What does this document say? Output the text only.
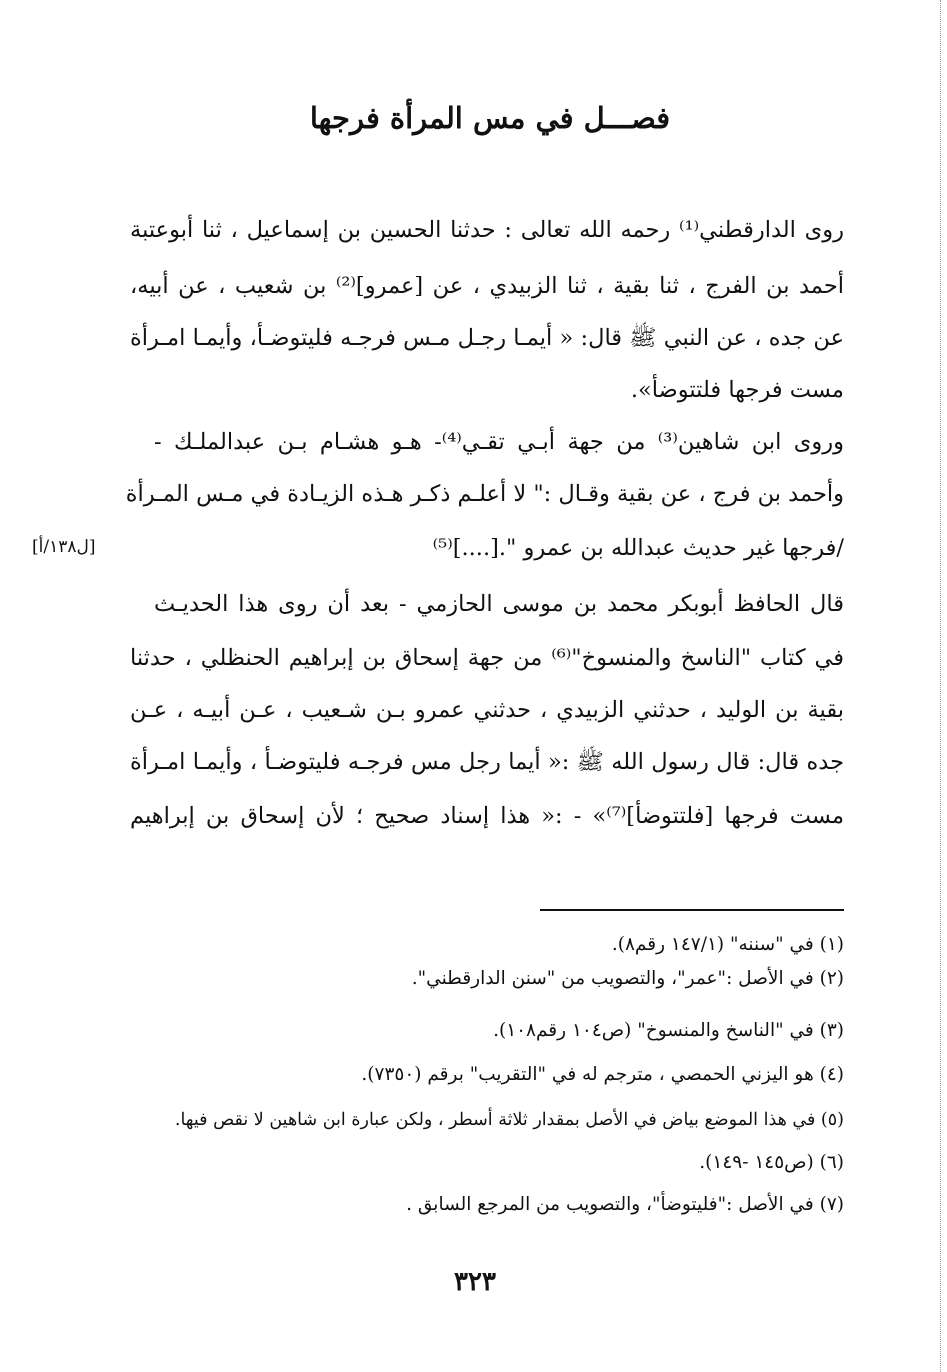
فصـــل في مس المرأة فرجها
روى الدارقطني⁽¹⁾ رحمه الله تعالى : حدثنا الحسين بن إسماعيل ، ثنا أبوعتبة
أحمد بن الفرج ، ثنا بقية ، ثنا الزبيدي ، عن [عمرو]⁽²⁾ بن شعيب ، عن أبيه،
عن جده ، عن النبي ﷺ قال: « أيمـا رجـل مـس فرجـه فليتوضـأ، وأيمـا امـرأة
مست فرجها فلتتوضأ».
وروى ابن شاهين⁽³⁾ من جهة أبـي تقـي⁽⁴⁾- هـو هشـام بـن عبدالملـك -
وأحمد بن فرج ، عن بقية وقـال :" لا أعلـم ذكـر هـذه الزيـادة في مـس المـرأة
/فرجها غير حديث عبدالله بن عمرو ".[....]⁽⁵⁾
[ل١٣٨/أ]
قال الحافظ أبوبكر محمد بن موسى الحازمي - بعد أن روى هذا الحديـث
في كتاب "الناسخ والمنسوخ"⁽⁶⁾ من جهة إسحاق بن إبراهيم الحنظلي ، حدثنا
بقية بن الوليد ، حدثني الزبيدي ، حدثني عمرو بـن شـعيب ، عـن أبيـه ، عـن
جده قال: قال رسول الله ﷺ :« أيما رجل مس فرجـه فليتوضـأ ، وأيمـا امـرأة
مست فرجها [فلتتوضأ]⁽⁷⁾» - :« هذا إسناد صحيح ؛ لأن إسحاق بن إبراهيم
(١) في "سننه" (١٤٧/١ رقم٨).
(٢) في الأصل :"عمر"، والتصويب من "سنن الدارقطني".
(٣) في "الناسخ والمنسوخ" (ص١٠٤ رقم١٠٨).
(٤) هو اليزني الحمصي ، مترجم له في "التقريب" برقم (٧٣٥٠).
(٥) في هذا الموضع بياض في الأصل بمقدار ثلاثة أسطر ، ولكن عبارة ابن شاهين لا نقص فيها.
(٦) (ص١٤٥ -١٤٩).
(٧) في الأصل :"فليتوضأ"، والتصويب من المرجع السابق .
٣٢٣
